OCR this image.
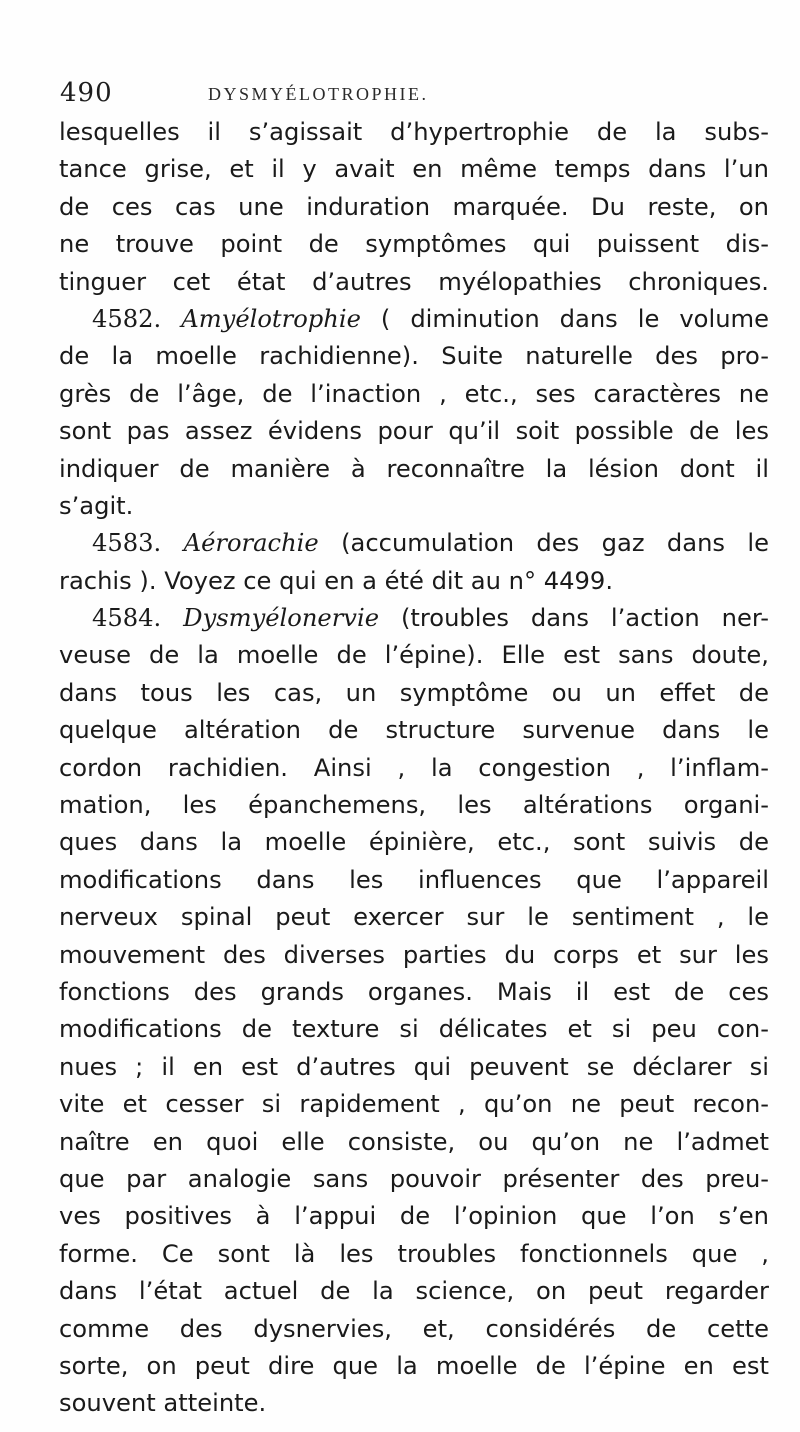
490	DYSMYÉLOTROPHIE.
lesquelles il s’agissait d’hypertrophie de la subs-
tance grise, et il y avait en même temps dans l’un
de ces cas une induration marquée. Du reste, on
ne trouve point de symptômes qui puissent dis-
tinguer cet état d’autres myélopathies chroniques.
4582. Amyélotrophie ( diminution dans le volume
de la moelle rachidienne). Suite naturelle des pro-
grès de l’âge, de l’inaction , etc., ses caractères ne
sont pas assez évidens pour qu’il soit possible de les
indiquer de manière à reconnaître la lésion dont il
s’agit.
4583. Aérorachie (accumulation des gaz dans le
rachis ). Voyez ce qui en a été dit au n° 4499.
4584. Dysmyélonervie (troubles dans l’action ner-
veuse de la moelle de l’épine). Elle est sans doute,
dans tous les cas, un symptôme ou un effet de
quelque altération de structure survenue dans le
cordon rachidien. Ainsi , la congestion , l’inflam-
mation, les épanchemens, les altérations organi-
ques dans la moelle épinière, etc., sont suivis de
modifications dans les influences que l’appareil
nerveux spinal peut exercer sur le sentiment , le
mouvement des diverses parties du corps et sur les
fonctions des grands organes. Mais il est de ces
modifications de texture si délicates et si peu con-
nues ; il en est d’autres qui peuvent se déclarer si
vite et cesser si rapidement , qu’on ne peut recon-
naître en quoi elle consiste, ou qu’on ne l’admet
que par analogie sans pouvoir présenter des preu-
ves positives à l’appui de l’opinion que l’on s’en
forme. Ce sont là les troubles fonctionnels que ,
dans l’état actuel de la science, on peut regarder
comme des dysnervies, et, considérés de cette
sorte, on peut dire que la moelle de l’épine en est
souvent atteinte.
